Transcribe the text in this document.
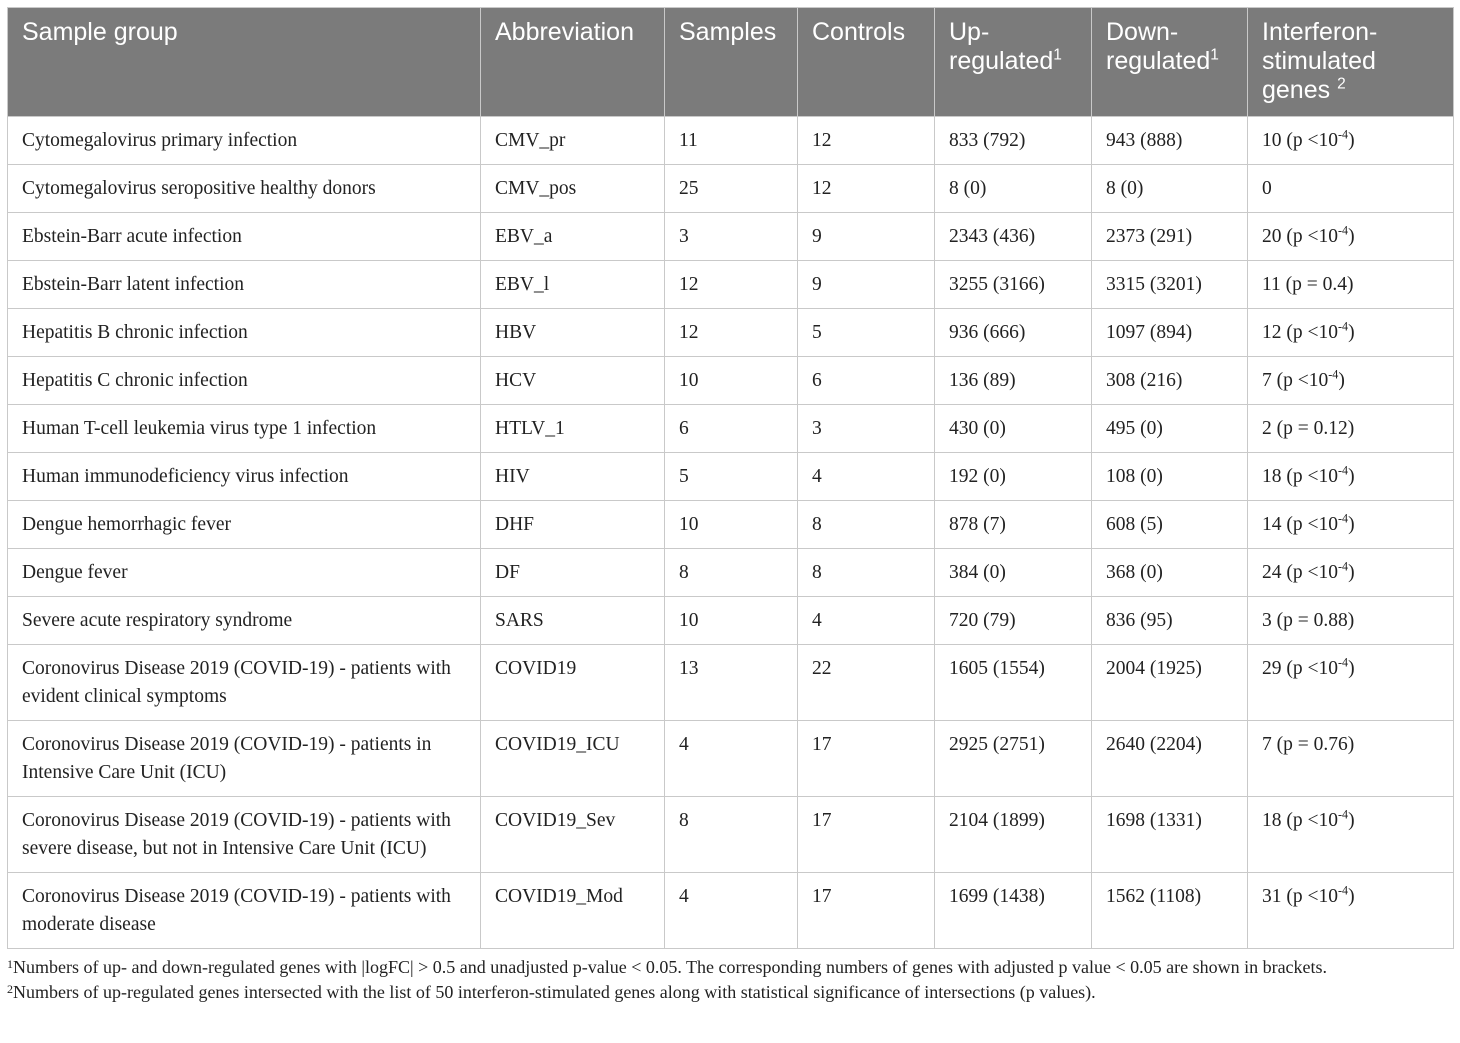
Sample group	Abbreviation	Samples	Controls	Up-regulated$^1$	Down-regulated$^1$	Interferon-stimulated genes $^2$
Cytomegalovirus primary infection	CMV_pr	11	12	833 (792)	943 (888)	10 $(p <10^{-4})$
Cytomegalovirus seropositive healthy donors	CMV_pos	25	12	8 (0)	8 (0)	0
Ebstein-Barr acute infection	EBV_a	3	9	2343 (436)	2373 (291)	20 $(p <10^{-4})$
Ebstein-Barr latent infection	EBV_l	12	9	3255 (3166)	3315 (3201)	11 (p = 0.4)
Hepatitis B chronic infection	HBV	12	5	936 (666)	1097 (894)	12 $(p <10^{-4})$
Hepatitis C chronic infection	HCV	10	6	136 (89)	308 (216)	7 $(p <10^{-4})$
Human T-cell leukemia virus type 1 infection	HTLV_1	6	3	430 (0)	495 (0)	2 (p = 0.12)
Human immunodeficiency virus infection	HIV	5	4	192 (0)	108 (0)	18 $(p <10^{-4})$
Dengue hemorrhagic fever	DHF	10	8	878 (7)	608 (5)	14 $(p <10^{-4})$
Dengue fever	DF	8	8	384 (0)	368 (0)	24 $(p <10^{-4})$
Severe acute respiratory syndrome	SARS	10	4	720 (79)	836 (95)	3 (p = 0.88)
Coronovirus Disease 2019 (COVID-19) - patients with evident clinical symptoms	COVID19	13	22	1605 (1554)	2004 (1925)	29 $(p <10^{-4})$
Coronovirus Disease 2019 (COVID-19) - patients in Intensive Care Unit (ICU)	COVID19_ICU	4	17	2925 (2751)	2640 (2204)	7 (p = 0.76)
Coronovirus Disease 2019 (COVID-19) - patients with severe disease, but not in Intensive Care Unit (ICU)	COVID19_Sev	8	17	2104 (1899)	1698 (1331)	18 $(p <10^{-4})$
Coronovirus Disease 2019 (COVID-19) - patients with moderate disease	COVID19_Mod	4	17	1699 (1438)	1562 (1108)	31 $(p <10^{-4})$
$^1$Numbers of up- and down-regulated genes with |logFC| > 0.5 and unadjusted p-value < 0.05. The corresponding numbers of genes with adjusted p value < 0.05 are shown in brackets.
$^2$Numbers of up-regulated genes intersected with the list of 50 interferon-stimulated genes along with statistical significance of intersections (p values).
